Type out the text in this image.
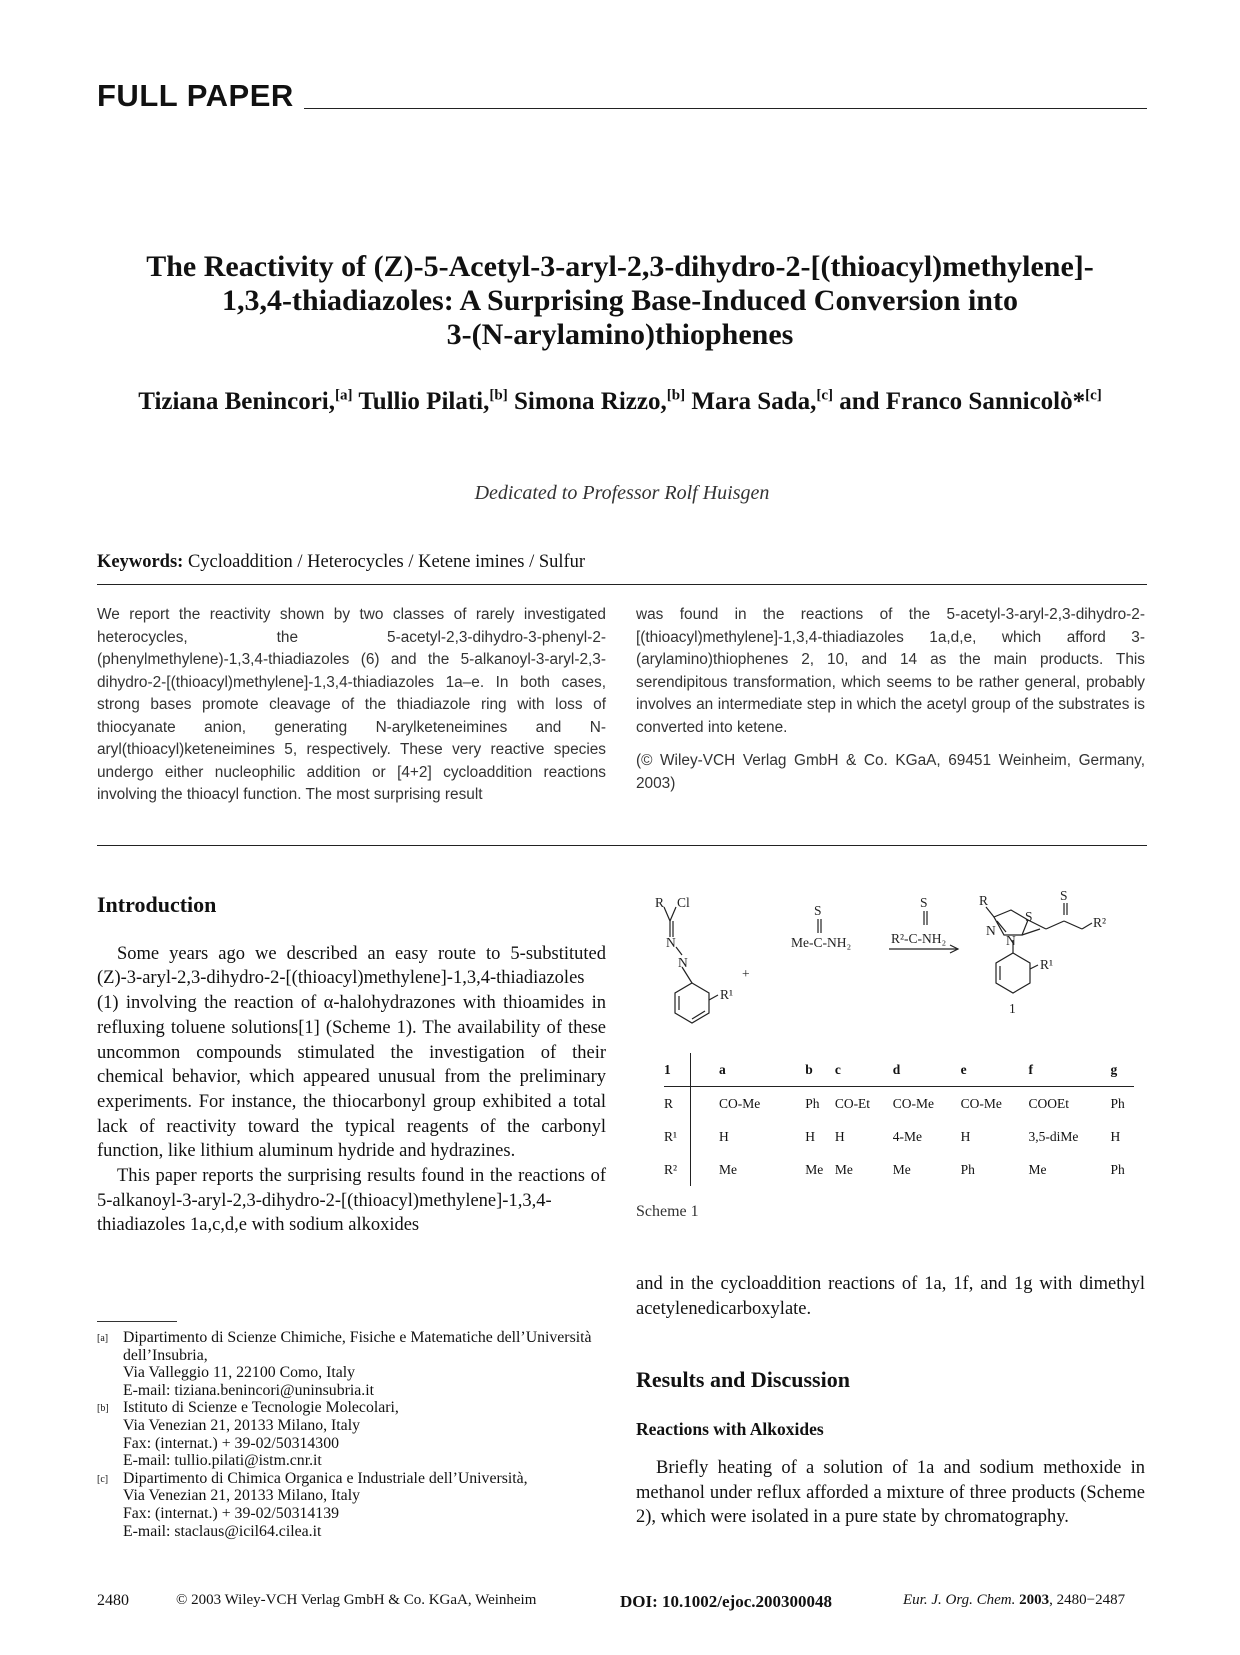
FULL PAPER
The Reactivity of (Z)-5-Acetyl-3-aryl-2,3-dihydro-2-[(thioacyl)methylene]-
1,3,4-thiadiazoles: A Surprising Base-Induced Conversion into
3-(N-arylamino)thiophenes
Tiziana Benincori,[a] Tullio Pilati,[b] Simona Rizzo,[b] Mara Sada,[c] and Franco Sannicolò*[c]
Dedicated to Professor Rolf Huisgen
Keywords: Cycloaddition / Heterocycles / Ketene imines / Sulfur

We report the reactivity shown by two classes of rarely investigated heterocycles, the 5-acetyl-2,3-dihydro-3-phenyl-2-(phenylmethylene)-1,3,4-thiadiazoles (6) and the 5-alkanoyl-3-aryl-2,3-dihydro-2-[(thioacyl)methylene]-1,3,4-thiadiazoles 1a–e. In both cases, strong bases promote cleavage of the thiadiazole ring with loss of thiocyanate anion, generating N-arylketeneimines and N-aryl(thioacyl)keteneimines 5, respectively. These very reactive species undergo either nucleophilic addition or [4+2] cycloaddition reactions involving the thioacyl function. The most surprising result

was found in the reactions of the 5-acetyl-3-aryl-2,3-dihydro-2-[(thioacyl)methylene]-1,3,4-thiadiazoles 1a,d,e, which afford 3-(arylamino)thiophenes 2, 10, and 14 as the main products. This serendipitous transformation, which seems to be rather general, probably involves an intermediate step in which the acetyl group of the substrates is converted into ketene.

(© Wiley-VCH Verlag GmbH & Co. KGaA, 69451 Weinheim, Germany, 2003)

Introduction

Some years ago we described an easy route to 5-substituted (Z)-3-aryl-2,3-dihydro-2-[(thioacyl)methylene]-1,3,4-thiadiazoles (1) involving the reaction of α-halohydrazones with thioamides in refluxing toluene solutions[1] (Scheme 1). The availability of these uncommon compounds stimulated the investigation of their chemical behavior, which appeared unusual from the preliminary experiments. For instance, the thiocarbonyl group exhibited a total lack of reactivity toward the typical reagents of the carbonyl function, like lithium aluminum hydride and hydrazines.

This paper reports the surprising results found in the reactions of 5-alkanoyl-3-aryl-2,3-dihydro-2-[(thioacyl)methylene]-1,3,4-thiadiazoles 1a,c,d,e with sodium alkoxides

[a] Dipartimento di Scienze Chimiche, Fisiche e Matematiche dell’Università dell’Insubria,
Via Valleggio 11, 22100 Como, Italy
E-mail: tiziana.benincori@uninsubria.it
[b] Istituto di Scienze e Tecnologie Molecolari,
Via Venezian 21, 20133 Milano, Italy
Fax: (internat.) + 39-02/50314300
E-mail: tullio.pilati@istm.cnr.it
[c] Dipartimento di Chimica Organica e Industriale dell’Università,
Via Venezian 21, 20133 Milano, Italy
Fax: (internat.) + 39-02/50314139
E-mail: staclaus@icil64.cilea.it
R Cl
N
N
R¹
+
S
Me-C-NH₂
S
R²-C-NH₂
R
S
N
N
S
R²
R¹
1
1	a	b	c	d	e	f	g
R	CO-Me	Ph	CO-Et	CO-Me	CO-Me	COOEt	Ph
R¹	H	H	H	4-Me	H	3,5-diMe	H
R²	Me	Me	Me	Me	Ph	Me	Ph
Scheme 1

and in the cycloaddition reactions of 1a, 1f, and 1g with dimethyl acetylenedicarboxylate.

Results and Discussion
Reactions with Alkoxides

Briefly heating of a solution of 1a and sodium methoxide in methanol under reflux afforded a mixture of three products (Scheme 2), which were isolated in a pure state by chromatography.

2480	© 2003 Wiley-VCH Verlag GmbH & Co. KGaA, Weinheim	DOI: 10.1002/ejoc.200300048	Eur. J. Org. Chem. 2003, 2480−2487
